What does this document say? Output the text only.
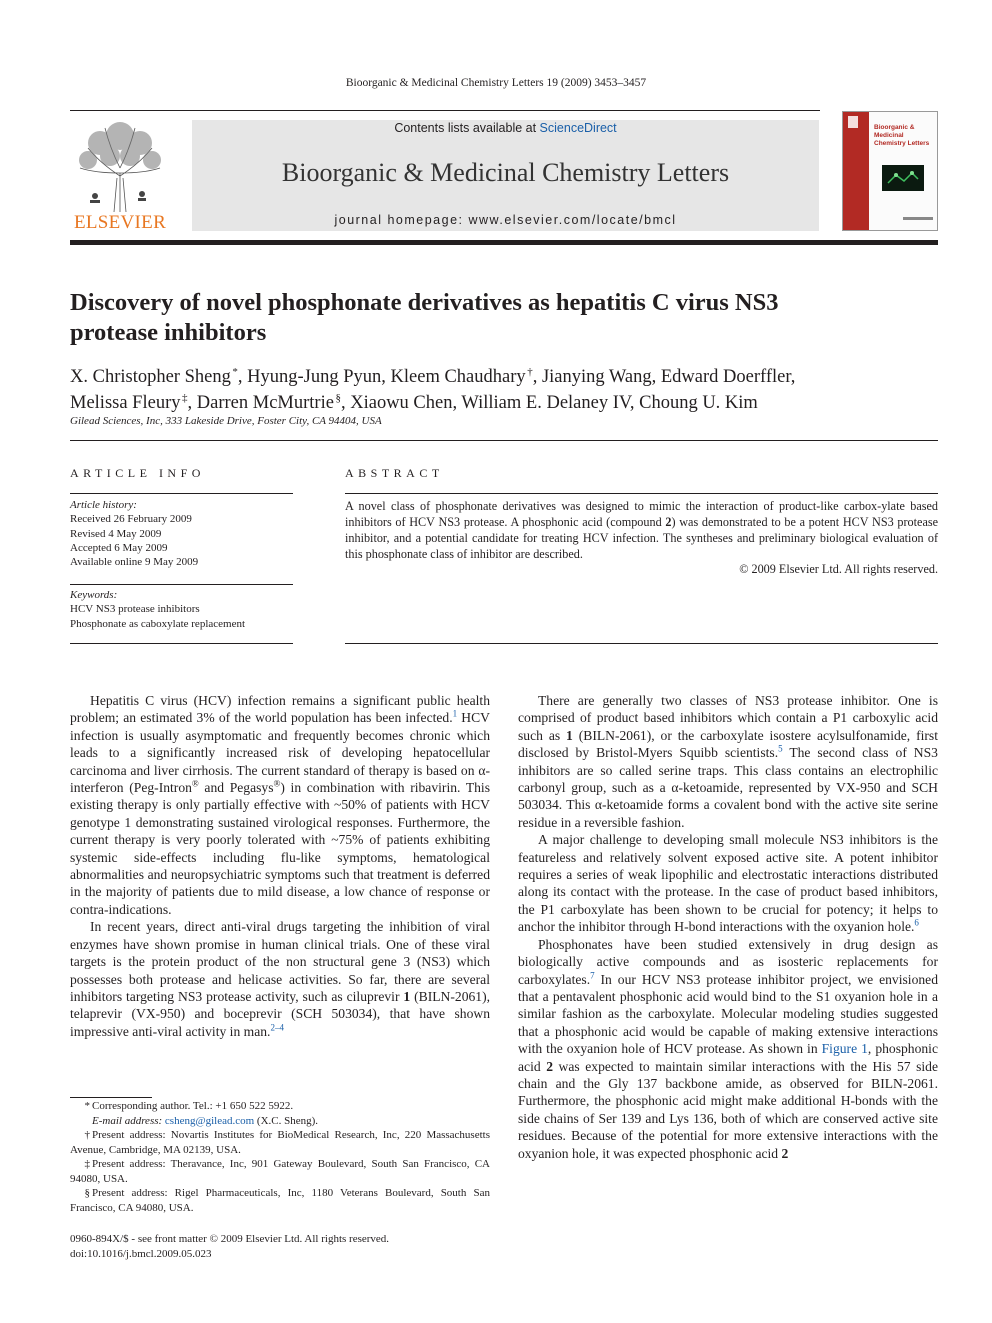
Bioorganic & Medicinal Chemistry Letters 19 (2009) 3453–3457
ELSEVIER
Contents lists available at ScienceDirect
Bioorganic & Medicinal Chemistry Letters
journal homepage: www.elsevier.com/locate/bmcl
Bioorganic & Medicinal Chemistry Letters
Discovery of novel phosphonate derivatives as hepatitis C virus NS3 protease inhibitors
X. Christopher Sheng  *, Hyung-Jung Pyun, Kleem Chaudhary  †, Jianying Wang, Edward Doerffler,
Melissa Fleury  ‡, Darren McMurtrie  §, Xiaowu Chen, William E. Delaney IV, Choung U. Kim
Gilead Sciences, Inc, 333 Lakeside Drive, Foster City, CA 94404, USA
ARTICLE INFO	ABSTRACT
Article history:
Received 26 February 2009
Revised 4 May 2009
Accepted 6 May 2009
Available online 9 May 2009
Keywords:
HCV NS3 protease inhibitors
Phosphonate as caboxylate replacement
A novel class of phosphonate derivatives was designed to mimic the interaction of product-like carbox-ylate based inhibitors of HCV NS3 protease. A phosphonic acid (compound 2) was demonstrated to be a potent HCV NS3 protease inhibitor, and a potential candidate for treating HCV infection. The syntheses and preliminary biological evaluation of this phosphonate class of inhibitor are described.
© 2009 Elsevier Ltd. All rights reserved.

Hepatitis C virus (HCV) infection remains a significant public health problem; an estimated 3% of the world population has been infected.$^1$ HCV infection is usually asymptomatic and frequently becomes chronic which leads to a significantly increased risk of developing hepatocellular carcinoma and liver cirrhosis. The current standard of therapy is based on α-interferon (Peg-Intron® and Pegasys®) in combination with ribavirin. This existing therapy is only partially effective with ~50% of patients with HCV genotype 1 demonstrating sustained virological responses. Furthermore, the current therapy is very poorly tolerated with ~75% of patients exhibiting systemic side-effects including flu-like symptoms, hematological abnormalities and neuropsychiatric symptoms such that treatment is deferred in the majority of patients due to mild disease, a low chance of response or contra-indications.

In recent years, direct anti-viral drugs targeting the inhibition of viral enzymes have shown promise in human clinical trials. One of these viral targets is the protein product of the non structural gene 3 (NS3) which possesses both protease and helicase activities. So far, there are several inhibitors targeting NS3 protease activity, such as ciluprevir 1 (BILN-2061), telaprevir (VX-950) and boceprevir (SCH 503034), that have shown impressive anti-viral activity in man.$^{2-4}$

There are generally two classes of NS3 protease inhibitor. One is comprised of product based inhibitors which contain a P1 carboxylic acid such as 1 (BILN-2061), or the carboxylate isostere acylsulfonamide, first disclosed by Bristol-Myers Squibb scientists.$^5$ The second class of NS3 inhibitors are so called serine traps. This class contains an electrophilic carbonyl group, such as a α-ketoamide, represented by VX-950 and SCH 503034. This α-ketoamide forms a covalent bond with the active site serine residue in a reversible fashion.

A major challenge to developing small molecule NS3 inhibitors is the featureless and relatively solvent exposed active site. A potent inhibitor requires a series of weak lipophilic and electrostatic interactions distributed along its contact with the protease. In the case of product based inhibitors, the P1 carboxylate has been shown to be crucial for potency; it helps to anchor the inhibitor through H-bond interactions with the oxyanion hole.$^6$

Phosphonates have been studied extensively in drug design as biologically active compounds and as isosteric replacements for carboxylates.$^7$ In our HCV NS3 protease inhibitor project, we envisioned that a pentavalent phosphonic acid would bind to the S1 oxyanion hole in a similar fashion as the carboxylate. Molecular modeling studies suggested that a phosphonic acid would be capable of making extensive interactions with the oxyanion hole of HCV protease. As shown in Figure 1, phosphonic acid 2 was expected to maintain similar interactions with the His 57 side chain and the Gly 137 backbone amide, as observed for BILN-2061. Furthermore, the phosphonic acid might make additional H-bonds with the side chains of Ser 139 and Lys 136, both of which are conserved active site residues. Because of the potential for more extensive interactions with the oxyanion hole, it was expected phosphonic acid 2

* Corresponding author. Tel.: +1 650 522 5922.
E-mail address: csheng@gilead.com (X.C. Sheng).
† Present address: Novartis Institutes for BioMedical Research, Inc, 220 Massachusetts Avenue, Cambridge, MA 02139, USA.
‡ Present address: Theravance, Inc, 901 Gateway Boulevard, South San Francisco, CA 94080, USA.
§ Present address: Rigel Pharmaceuticals, Inc, 1180 Veterans Boulevard, South San Francisco, CA 94080, USA.
0960-894X/$ - see front matter © 2009 Elsevier Ltd. All rights reserved.
doi:10.1016/j.bmcl.2009.05.023
